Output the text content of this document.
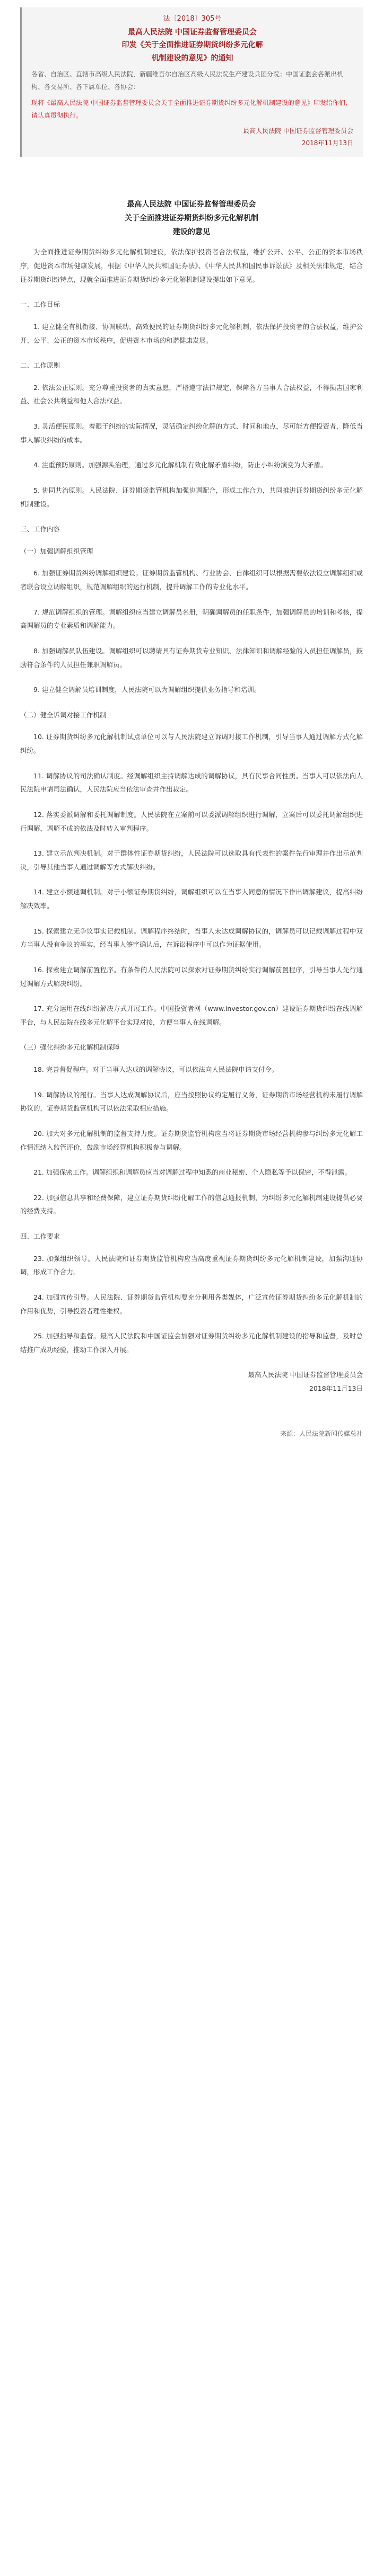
法〔2018〕305号
最高人民法院 中国证券监督管理委员会
印发《关于全面推进证券期货纠纷多元化解
机制建设的意见》的通知

各省、自治区、直辖市高级人民法院，新疆维吾尔自治区高级人民法院生产建设兵团分院；中国证监会各派出机构、各交易所、各下属单位、各协会：

现将《最高人民法院 中国证券监督管理委员会关于全面推进证券期货纠纷多元化解机制建设的意见》印发给你们，请认真贯彻执行。

最高人民法院 中国证券监督管理委员会
2018年11月13日
最高人民法院 中国证券监督管理委员会
关于全面推进证券期货纠纷多元化解机制
建设的意见

为全面推进证券期货纠纷多元化解机制建设，依法保护投资者合法权益，维护公开、公平、公正的资本市场秩序，促进资本市场健康发展，根据《中华人民共和国证券法》、《中华人民共和国民事诉讼法》及相关法律规定，结合证券期货纠纷特点，现就全面推进证券期货纠纷多元化解机制建设提出如下意见。

一、工作目标

1. 建立健全有机衔接、协调联动、高效便民的证券期货纠纷多元化解机制，依法保护投资者的合法权益，维护公开、公平、公正的资本市场秩序，促进资本市场的和谐健康发展。

二、工作原则

2. 依法公正原则。充分尊重投资者的真实意愿，严格遵守法律规定，保障各方当事人合法权益，不得损害国家利益、社会公共利益和他人合法权益。

3. 灵活便民原则。着眼于纠纷的实际情况，灵活确定纠纷化解的方式、时间和地点，尽可能方便投资者，降低当事人解决纠纷的成本。

4. 注重预防原则。加强源头治理，通过多元化解机制有效化解矛盾纠纷，防止小纠纷演变为大矛盾。

5. 协同共治原则。人民法院、证券期货监管机构加强协调配合，形成工作合力，共同推进证券期货纠纷多元化解机制建设。

三、工作内容
（一）加强调解组织管理

6. 加强证券期货纠纷调解组织建设。证券期货监管机构、行业协会、自律组织可以根据需要依法设立调解组织或者联合设立调解组织，规范调解组织的运行机制，提升调解工作的专业化水平。

7. 规范调解组织的管理。调解组织应当建立调解员名册，明确调解员的任职条件，加强调解员的培训和考核，提高调解员的专业素质和调解能力。

8. 加强调解员队伍建设。调解组织可以聘请具有证券期货专业知识、法律知识和调解经验的人员担任调解员，鼓励符合条件的人员担任兼职调解员。

9. 建立健全调解员培训制度，人民法院可以为调解组织提供业务指导和培训。

（二）健全诉调对接工作机制

10. 证券期货纠纷多元化解机制试点单位可以与人民法院建立诉调对接工作机制，引导当事人通过调解方式化解纠纷。

11. 调解协议的司法确认制度。经调解组织主持调解达成的调解协议，具有民事合同性质。当事人可以依法向人民法院申请司法确认，人民法院应当依法审查并作出裁定。

12. 落实委派调解和委托调解制度。人民法院在立案前可以委派调解组织进行调解，立案后可以委托调解组织进行调解，调解不成的依法及时转入审判程序。

13. 建立示范判决机制。对于群体性证券期货纠纷，人民法院可以选取具有代表性的案件先行审理并作出示范判决，引导其他当事人通过调解等方式解决纠纷。

14. 建立小额速调机制。对于小额证券期货纠纷，调解组织可以在当事人同意的情况下作出调解建议，提高纠纷解决效率。

15. 探索建立无争议事实记载机制。调解程序终结时，当事人未达成调解协议的，调解员可以记载调解过程中双方当事人没有争议的事实，经当事人签字确认后，在诉讼程序中可以作为证据使用。

16. 探索建立调解前置程序。有条件的人民法院可以探索对证券期货纠纷实行调解前置程序，引导当事人先行通过调解方式解决纠纷。

17. 充分运用在线纠纷解决方式开展工作。中国投资者网（www.investor.gov.cn）建设证券期货纠纷在线调解平台，与人民法院在线多元化解平台实现对接，方便当事人在线调解。

（三）强化纠纷多元化解机制保障

18. 完善督促程序。对于当事人达成的调解协议，可以依法向人民法院申请支付令。

19. 调解协议的履行。当事人达成调解协议后，应当按照协议约定履行义务，证券期货市场经营机构未履行调解协议的，证券期货监管机构可以依法采取相应措施。

20. 加大对多元化解机制的监督支持力度。证券期货监管机构应当将证券期货市场经营机构参与纠纷多元化解工作情况纳入监管评价，鼓励市场经营机构积极参与调解。

21. 加强保密工作。调解组织和调解员应当对调解过程中知悉的商业秘密、个人隐私等予以保密，不得泄露。

22. 加强信息共享和经费保障，建立证券期货纠纷化解工作的信息通报机制，为纠纷多元化解机制建设提供必要的经费支持。

四、工作要求

23. 加强组织领导。人民法院和证券期货监管机构应当高度重视证券期货纠纷多元化解机制建设，加强沟通协调，形成工作合力。

24. 加强宣传引导。人民法院、证券期货监管机构要充分利用各类媒体，广泛宣传证券期货纠纷多元化解机制的作用和优势，引导投资者理性维权。

25. 加强指导和监督。最高人民法院和中国证监会加强对证券期货纠纷多元化解机制建设的指导和监督，及时总结推广成功经验，推动工作深入开展。

最高人民法院 中国证券监督管理委员会
2018年11月13日
来源：人民法院新闻传媒总社
